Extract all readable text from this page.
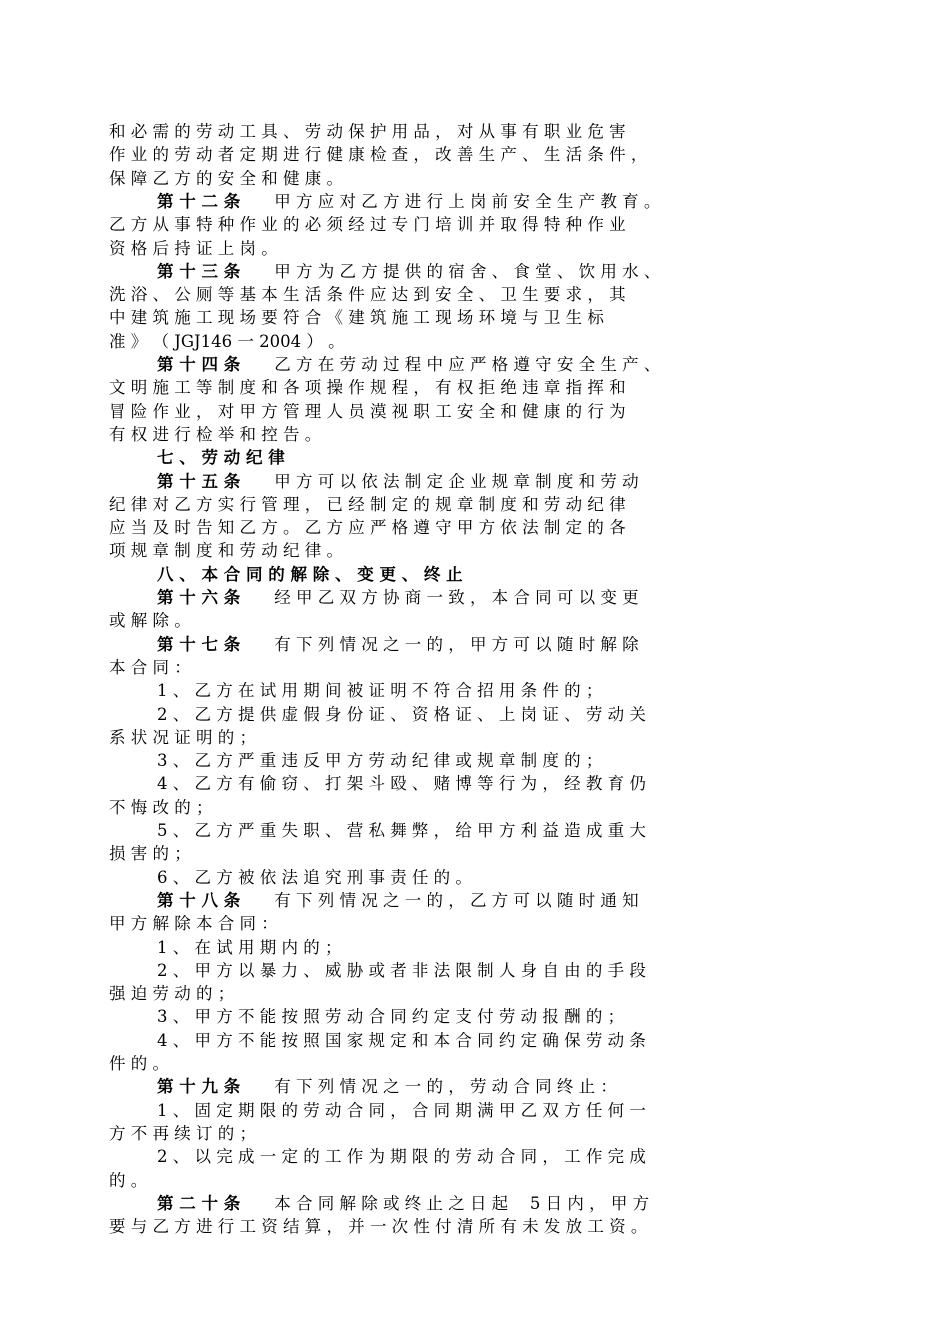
和 必 需 的 劳 动 工 具 、 劳 动 保 护 用 品 ， 对 从 事 有 职 业 危 害

作 业 的 劳 动 者 定 期 进 行 健 康 检 查 ， 改 善 生 产 、 生 活 条 件 ，

保 障 乙 方 的 安 全 和 健 康 。

第 十 二 条 甲 方 应 对 乙 方 进 行 上 岗 前 安 全 生 产 教 育 。

乙 方 从 事 特 种 作 业 的 必 须 经 过 专 门 培 训 并 取 得 特 种 作 业

资 格 后 持 证 上 岗 。

第 十 三 条 甲 方 为 乙 方 提 供 的 宿 舍 、 食 堂 、 饮 用 水 、

洗 浴 、 公 厕 等 基 本 生 活 条 件 应 达 到 安 全 、 卫 生 要 求 ， 其

中 建 筑 施 工 现 场 要 符 合 《 建 筑 施 工 现 场 环 境 与 卫 生 标

准 》 （ JGJ146 一 2004 ） 。

第 十 四 条 乙 方 在 劳 动 过 程 中 应 严 格 遵 守 安 全 生 产 、

文 明 施 工 等 制 度 和 各 项 操 作 规 程 ， 有 权 拒 绝 违 章 指 挥 和

冒 险 作 业 ， 对 甲 方 管 理 人 员 漠 视 职 工 安 全 和 健 康 的 行 为

有 权 进 行 检 举 和 控 告 。

七 、 劳 动 纪 律

第 十 五 条 甲 方 可 以 依 法 制 定 企 业 规 章 制 度 和 劳 动

纪 律 对 乙 方 实 行 管 理 ， 已 经 制 定 的 规 章 制 度 和 劳 动 纪 律

应 当 及 时 告 知 乙 方 。 乙 方 应 严 格 遵 守 甲 方 依 法 制 定 的 各

项 规 章 制 度 和 劳 动 纪 律 。

八 、 本 合 同 的 解 除 、 变 更 、 终 止

第 十 六 条 经 甲 乙 双 方 协 商 一 致 ， 本 合 同 可 以 变 更

或 解 除 。

第 十 七 条 有 下 列 情 况 之 一 的 ， 甲 方 可 以 随 时 解 除

本 合 同 ：

1 、 乙 方 在 试 用 期 间 被 证 明 不 符 合 招 用 条 件 的 ；

2 、 乙 方 提 供 虚 假 身 份 证 、 资 格 证 、 上 岗 证 、 劳 动 关

系 状 况 证 明 的 ；

3 、 乙 方 严 重 违 反 甲 方 劳 动 纪 律 或 规 章 制 度 的 ；

4 、 乙 方 有 偷 窃 、 打 架 斗 殴 、 赌 博 等 行 为 ， 经 教 育 仍

不 悔 改 的 ；

5 、 乙 方 严 重 失 职 、 营 私 舞 弊 ， 给 甲 方 利 益 造 成 重 大

损 害 的 ；

6 、 乙 方 被 依 法 追 究 刑 事 责 任 的 。

第 十 八 条 有 下 列 情 况 之 一 的 ， 乙 方 可 以 随 时 通 知

甲 方 解 除 本 合 同 ：

1 、 在 试 用 期 内 的 ；

2 、 甲 方 以 暴 力 、 威 胁 或 者 非 法 限 制 人 身 自 由 的 手 段

强 迫 劳 动 的 ；

3 、 甲 方 不 能 按 照 劳 动 合 同 约 定 支 付 劳 动 报 酬 的 ；

4 、 甲 方 不 能 按 照 国 家 规 定 和 本 合 同 约 定 确 保 劳 动 条

件 的 。

第 十 九 条 有 下 列 情 况 之 一 的 ， 劳 动 合 同 终 止 ：

1 、 固 定 期 限 的 劳 动 合 同 ， 合 同 期 满 甲 乙 双 方 任 何 一

方 不 再 续 订 的 ；

2 、 以 完 成 一 定 的 工 作 为 期 限 的 劳 动 合 同 ， 工 作 完 成

的 。

第 二 十 条 本 合 同 解 除 或 终 止 之 日 起 　5 日 内 ， 甲 方

要 与 乙 方 进 行 工 资 结 算 ， 并 一 次 性 付 清 所 有 未 发 放 工 资 。
